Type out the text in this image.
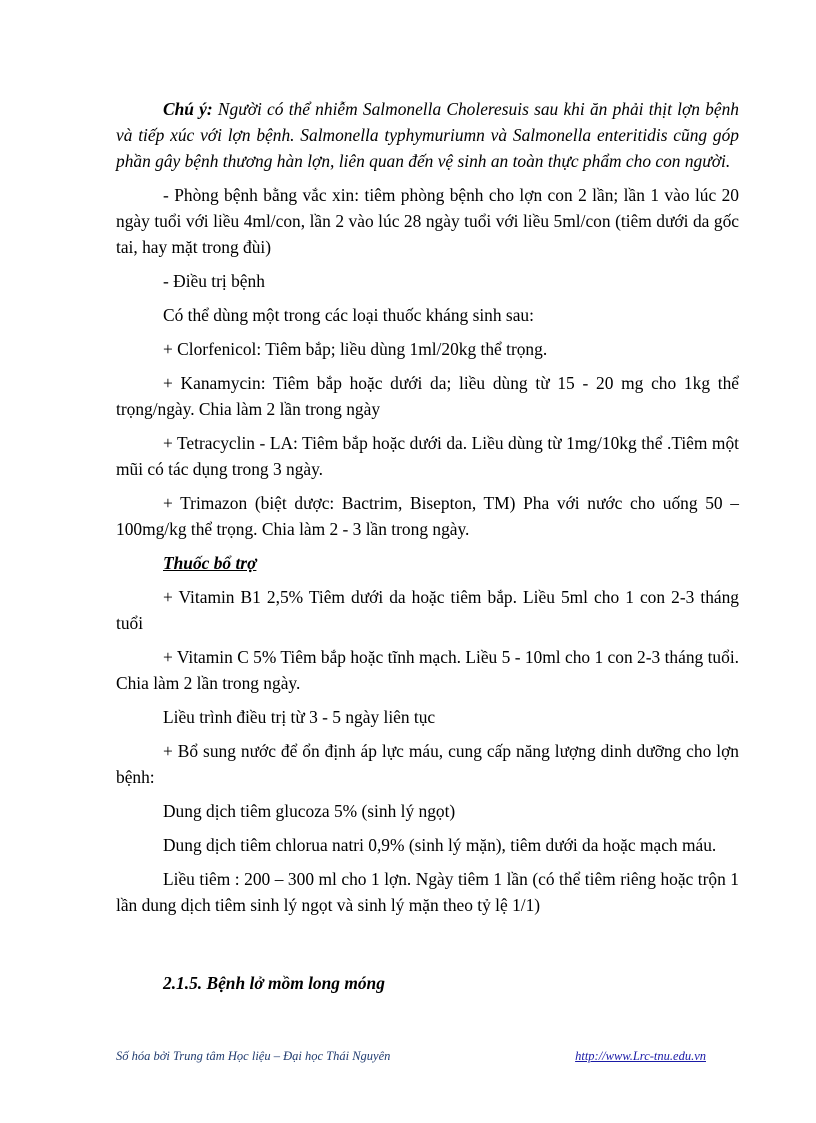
Chú ý: Người có thể nhiễm Salmonella Choleresuis sau khi ăn phải thịt lợn bệnh và tiếp xúc với lợn bệnh. Salmonella typhymuriumn và Salmonella enteritidis cũng góp phần gây bệnh thương hàn lợn, liên quan đến vệ sinh an toàn thực phẩm cho con người.

- Phòng bệnh bằng vắc xin: tiêm phòng bệnh cho lợn con 2 lần; lần 1 vào lúc 20 ngày tuổi với liều 4ml/con, lần 2 vào lúc 28 ngày tuổi với liều 5ml/con (tiêm dưới da gốc tai, hay mặt trong đùi)

- Điều trị bệnh

Có thể dùng một trong các loại thuốc kháng sinh sau:

+ Clorfenicol: Tiêm bắp; liều dùng 1ml/20kg thể trọng.

+ Kanamycin: Tiêm bắp hoặc dưới da; liều dùng từ 15 - 20 mg cho 1kg thể trọng/ngày. Chia làm 2 lần trong ngày

+ Tetracyclin - LA: Tiêm bắp hoặc dưới da. Liều dùng từ 1mg/10kg thể .Tiêm một mũi có tác dụng trong 3 ngày.

+ Trimazon (biệt dược: Bactrim, Bisepton, TM) Pha với nước cho uống 50 – 100mg/kg thể trọng. Chia làm 2 - 3 lần trong ngày.

Thuốc bổ trợ

+ Vitamin B1 2,5% Tiêm dưới da hoặc tiêm bắp. Liều 5ml cho 1 con 2-3 tháng tuổi

+ Vitamin C 5% Tiêm bắp hoặc tĩnh mạch. Liều 5 - 10ml cho 1 con 2-3 tháng tuổi. Chia làm 2 lần trong ngày.

Liều trình điều trị từ 3 - 5 ngày liên tục

+ Bổ sung nước để ổn định áp lực máu, cung cấp năng lượng dinh dưỡng cho lợn bệnh:

Dung dịch tiêm glucoza 5% (sinh lý ngọt)

Dung dịch tiêm chlorua natri 0,9% (sinh lý mặn), tiêm dưới da hoặc mạch máu.

Liều tiêm : 200 – 300 ml cho 1 lợn. Ngày tiêm 1 lần (có thể tiêm riêng hoặc trộn 1 lần dung dịch tiêm sinh lý ngọt và sinh lý mặn theo tỷ lệ 1/1)

2.1.5. Bệnh lở mồm long móng

Số hóa bởi Trung tâm Học liệu – Đại học Thái Nguyên	http://www.Lrc-tnu.edu.vn
